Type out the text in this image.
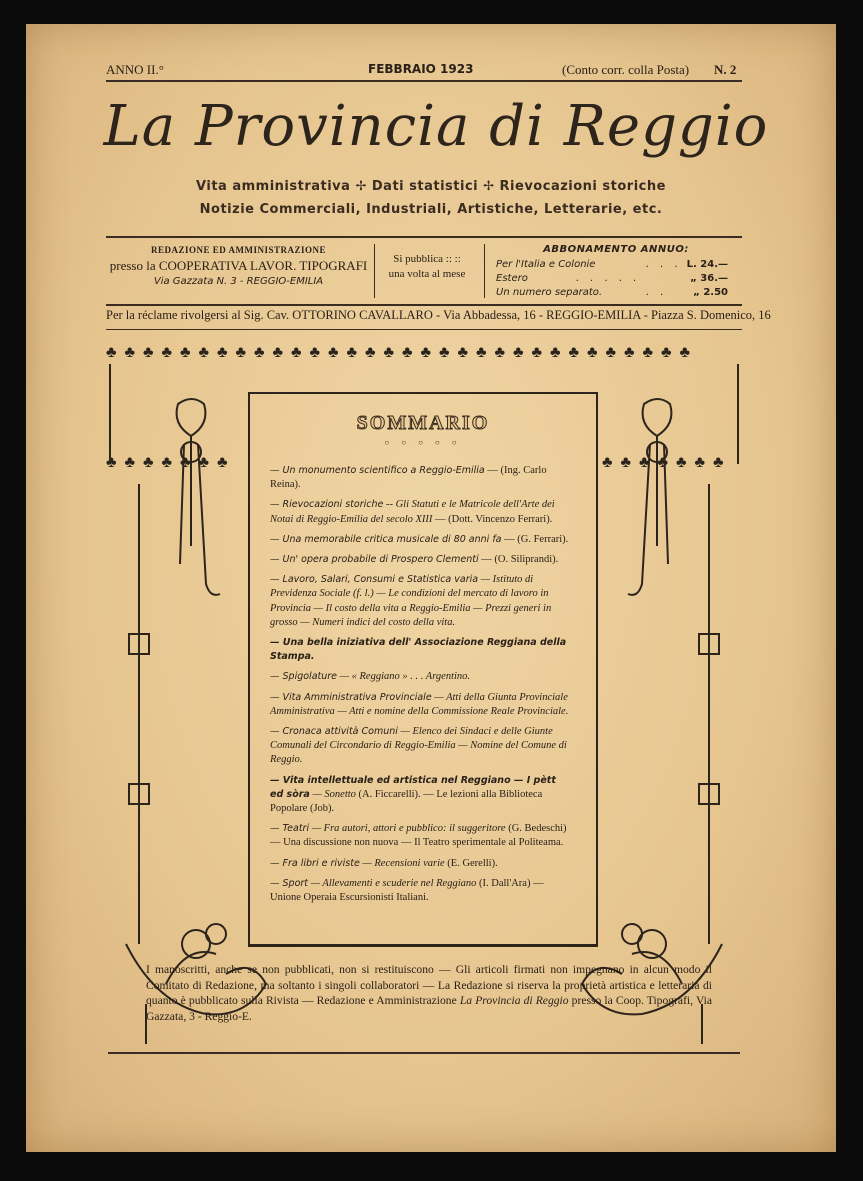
ANNO II.°	FEBBRAIO 1923	(Conto corr. colla Posta) N. 2
La Provincia di Reggio
Vita amministrativa ✢ Dati statistici ✢ Rievocazioni storiche
Notizie Commerciali, Industriali, Artistiche, Letterarie, etc.
REDAZIONE ED AMMINISTRAZIONE
presso la COOPERATIVA LAVOR. TIPOGRAFI
Via Gazzata N. 3 - REGGIO-EMILIA
Si pubblica :: ::
una volta al mese
ABBONAMENTO ANNUO:
Per l'Italia e Colonie	. . . L. 24.—
Estero	. . . . .	„ 36.—
Un numero separato.	. .	„ 2.50
Per la réclame rivolgersi al Sig. Cav. OTTORINO CAVALLARO - Via Abbadessa, 16 - REGGIO-EMILIA - Piazza S. Domenico, 16
♣ ♣ ♣ ♣ ♣ ♣ ♣ ♣ ♣ ♣ ♣ ♣ ♣ ♣ ♣ ♣ ♣ ♣ ♣ ♣ ♣ ♣ ♣ ♣ ♣ ♣ ♣ ♣ ♣ ♣ ♣ ♣
♣ ♣ ♣ ♣ ♣ ♣ ♣	♣ ♣ ♣ ♣ ♣ ♣ ♣
SOMMARIO
○ ○ ○ ○ ○
— Un monumento scientifico a Reggio-Emilia — (Ing. Carlo Reina).
— Rievocazioni storiche -- Gli Statuti e le Matricole dell'Arte dei Notai di Reggio-Emilia del secolo XIII — (Dott. Vincenzo Ferrari).
— Una memorabile critica musicale di 80 anni fa — (G. Ferrari).
— Un' opera probabile di Prospero Clementi — (O. Siliprandi).
— Lavoro, Salari, Consumi e Statistica varia — Istituto di Previdenza Sociale (f. l.) — Le condizioni del mercato di lavoro in Provincia — Il costo della vita a Reggio-Emilia — Prezzi generi in grosso — Numeri indici del costo della vita.
— Una bella iniziativa dell' Associazione Reggiana della Stampa.
— Spigolature — « Reggiano » . . . Argentino.
— Vita Amministrativa Provinciale — Atti della Giunta Provinciale Amministrativa — Atti e nomine della Commissione Reale Provinciale.
— Cronaca attività Comuni — Elenco dei Sindaci e delle Giunte Comunali del Circondario di Reggio-Emilia — Nomine del Comune di Reggio.
— Vita intellettuale ed artistica nel Reggiano — I pètt ed sòra — Sonetto (A. Ficcarelli). — Le lezioni alla Biblioteca Popolare (Job).
— Teatri — Fra autori, attori e pubblico: il suggeritore (G. Bedeschi) — Una discussione non nuova — Il Teatro sperimentale al Politeama.
— Fra libri e riviste — Recensioni varie (E. Gerelli).
— Sport — Allevamenti e scuderie nel Reggiano (I. Dall'Ara) — Unione Operaia Escursionisti Italiani.
I manoscritti, anche se non pubblicati, non si restituiscono — Gli articoli firmati non impegnano in alcun modo il Comitato di Redazione, ma soltanto i singoli collaboratori — La Redazione si riserva la proprietà artistica e letteraria di quanto è pubblicato sulla Rivista — Redazione e Amministrazione La Provincia di Reggio presso la Coop. Tipografi, Via Gazzata, 3 - Reggio-E.
